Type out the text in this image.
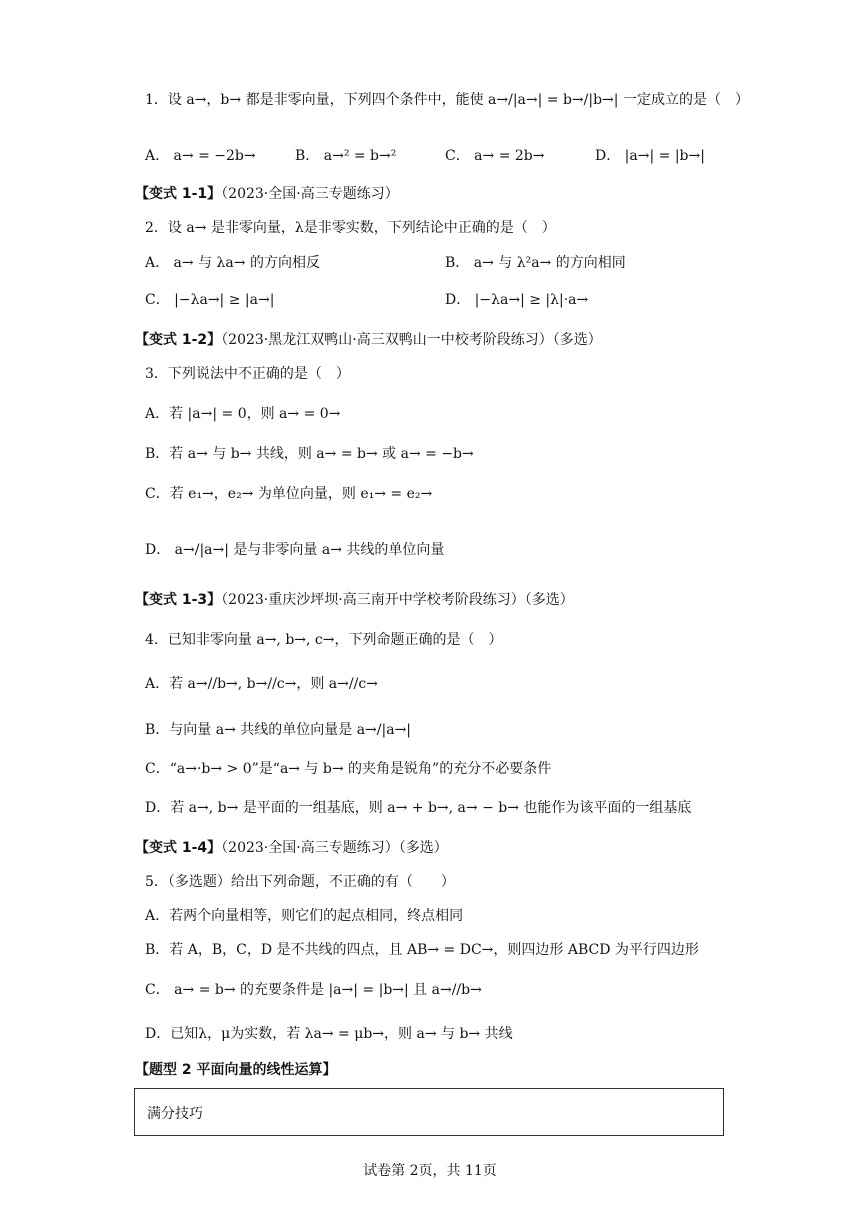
1．设 a→，b→ 都是非零向量，下列四个条件中，能使 a→/|a→| = b→/|b→| 一定成立的是（　）
A． a→ = −2b→	B． a→² = b→²	C． a→ = 2b→	D． |a→| = |b→|
【变式 1-1】（2023·全国·高三专题练习）
2．设 a→ 是非零向量，λ是非零实数，下列结论中正确的是（　）
A． a→ 与 λa→ 的方向相反	B． a→ 与 λ²a→ 的方向相同
C． |−λa→| ≥ |a→|	D． |−λa→| ≥ |λ|·a→
【变式 1-2】（2023·黑龙江双鸭山·高三双鸭山一中校考阶段练习）（多选）
3．下列说法中不正确的是（　）
A．若 |a→| = 0，则 a→ = 0→
B．若 a→ 与 b→ 共线，则 a→ = b→ 或 a→ = −b→
C．若 e₁→，e₂→ 为单位向量，则 e₁→ = e₂→
D． a→/|a→| 是与非零向量 a→ 共线的单位向量
【变式 1-3】（2023·重庆沙坪坝·高三南开中学校考阶段练习）（多选）
4．已知非零向量 a→, b→, c→，下列命题正确的是（　）
A．若 a→//b→, b→//c→，则 a→//c→
B．与向量 a→ 共线的单位向量是 a→/|a→|
C．“a→·b→ > 0”是“a→ 与 b→ 的夹角是锐角”的充分不必要条件
D．若 a→, b→ 是平面的一组基底，则 a→ + b→, a→ − b→ 也能作为该平面的一组基底
【变式 1-4】（2023·全国·高三专题练习）（多选）
5．（多选题）给出下列命题，不正确的有（　　）
A．若两个向量相等，则它们的起点相同，终点相同
B．若 A，B，C，D 是不共线的四点，且 AB→ = DC→，则四边形 ABCD 为平行四边形
C． a→ = b→ 的充要条件是 |a→| = |b→| 且 a→//b→
D．已知λ，μ为实数，若 λa→ = μb→，则 a→ 与 b→ 共线
【题型 2 平面向量的线性运算】
满分技巧
试卷第 2页，共 11页
